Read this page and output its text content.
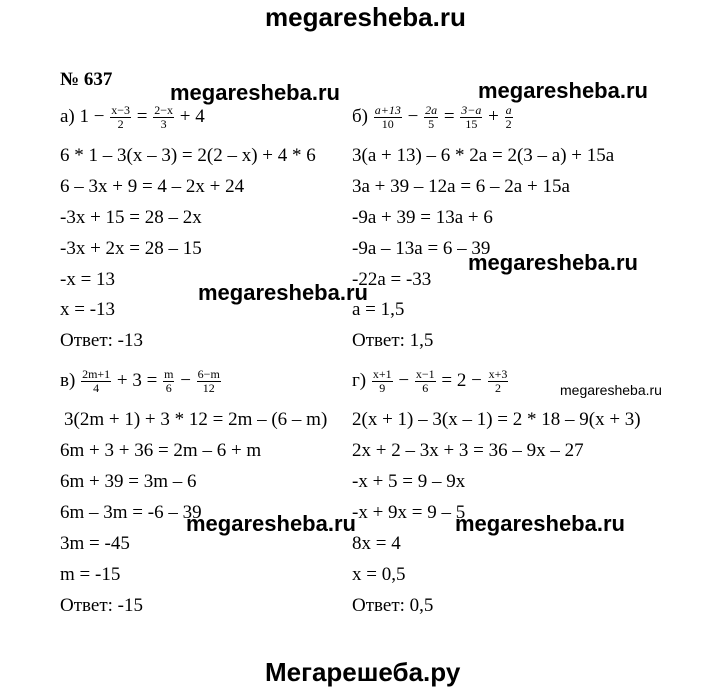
megaresheba.ru
№ 637
а) $1 - \frac{x-3}{2} = \frac{2-x}{3} + 4$
6 * 1 – 3(x – 3) = 2(2 – x) + 4 * 6
6 – 3x + 9 = 4 – 2x + 24
-3x + 15 = 28 – 2x
-3x + 2x = 28 – 15
-x = 13
x = -13
Ответ: -13
$б) \frac{a+13}{10} - \frac{2a}{5} = \frac{3-a}{15} + \frac{a}{2}$
3(a + 13) – 6 * 2a = 2(3 – a) + 15a
3a + 39 – 12a = 6 – 2a + 15a
-9a + 39 = 13a + 6
-9a – 13a = 6 – 39
-22a = -33
a = 1,5
Ответ: 1,5
$в) \frac{2m+1}{4} + 3 = \frac{m}{6} - \frac{6-m}{12}$
3(2m + 1) + 3 * 12 = 2m – (6 – m)
6m + 3 + 36 = 2m – 6 + m
6m + 39 = 3m – 6
6m – 3m = -6 – 39
3m = -45
m = -15
Ответ: -15
$г) \frac{x+1}{9} - \frac{x-1}{6} = 2 - \frac{x+3}{2}$
2(x + 1) – 3(x – 1) = 2 * 18 – 9(x + 3)
2x + 2 – 3x + 3 = 36 – 9x – 27
-x + 5 = 9 – 9x
-x + 9x = 9 – 5
8x = 4
x = 0,5
Ответ: 0,5
megaresheba.ru	megaresheba.ru
megaresheba.ru
megaresheba.ru
megaresheba.ru
megaresheba.ru	megaresheba.ru
Мегарешеба.ру
